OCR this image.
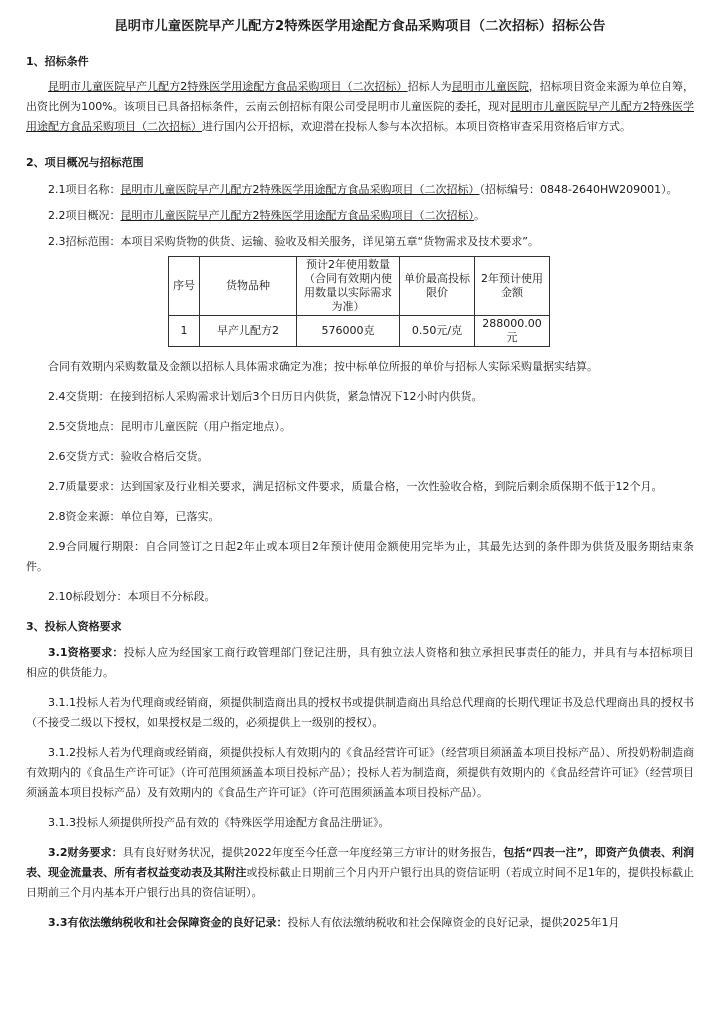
昆明市儿童医院早产儿配方2特殊医学用途配方食品采购项目（二次招标）招标公告
1、招标条件

昆明市儿童医院早产儿配方2特殊医学用途配方食品采购项目（二次招标）招标人为昆明市儿童医院，招标项目资金来源为单位自筹，出资比例为100%。该项目已具备招标条件，云南云创招标有限公司受昆明市儿童医院的委托，现对昆明市儿童医院早产儿配方2特殊医学用途配方食品采购项目（二次招标）进行国内公开招标，欢迎潜在投标人参与本次招标。本项目资格审查采用资格后审方式。

2、项目概况与招标范围

2.1项目名称：昆明市儿童医院早产儿配方2特殊医学用途配方食品采购项目（二次招标）（招标编号：0848-2640HW209001）。

2.2项目概况：昆明市儿童医院早产儿配方2特殊医学用途配方食品采购项目（二次招标）。

2.3招标范围：本项目采购货物的供货、运输、验收及相关服务，详见第五章“货物需求及技术要求”。

序号	货物品种	预计2年使用数量（合同有效期内使用数量以实际需求为准）	单价最高投标限价	2年预计使用金额
1	早产儿配方2	576000克	0.50元/克	288000.00元

合同有效期内采购数量及金额以招标人具体需求确定为准；按中标单位所报的单价与招标人实际采购量据实结算。

2.4交货期：在接到招标人采购需求计划后3个日历日内供货，紧急情况下12小时内供货。

2.5交货地点：昆明市儿童医院（用户指定地点）。

2.6交货方式：验收合格后交货。

2.7质量要求：达到国家及行业相关要求，满足招标文件要求，质量合格，一次性验收合格，到院后剩余质保期不低于12个月。

2.8资金来源：单位自筹，已落实。

2.9合同履行期限：自合同签订之日起2年止或本项目2年预计使用金额使用完毕为止，其最先达到的条件即为供货及服务期结束条件。

2.10标段划分：本项目不分标段。

3、投标人资格要求

3.1资格要求：投标人应为经国家工商行政管理部门登记注册，具有独立法人资格和独立承担民事责任的能力，并具有与本招标项目相应的供货能力。

3.1.1投标人若为代理商或经销商，须提供制造商出具的授权书或提供制造商出具给总代理商的长期代理证书及总代理商出具的授权书（不接受二级以下授权，如果授权是二级的，必须提供上一级别的授权）。

3.1.2投标人若为代理商或经销商，须提供投标人有效期内的《食品经营许可证》（经营项目须涵盖本项目投标产品）、所投奶粉制造商有效期内的《食品生产许可证》（许可范围须涵盖本项目投标产品）；投标人若为制造商，须提供有效期内的《食品经营许可证》（经营项目须涵盖本项目投标产品）及有效期内的《食品生产许可证》（许可范围须涵盖本项目投标产品）。

3.1.3投标人须提供所投产品有效的《特殊医学用途配方食品注册证》。

3.2财务要求：具有良好财务状况，提供2022年度至今任意一年度经第三方审计的财务报告，包括“四表一注”，即资产负债表、利润表、现金流量表、所有者权益变动表及其附注或投标截止日期前三个月内开户银行出具的资信证明（若成立时间不足1年的，提供投标截止日期前三个月内基本开户银行出具的资信证明）。

3.3有依法缴纳税收和社会保障资金的良好记录：投标人有依法缴纳税收和社会保障资金的良好记录，提供2025年1月
